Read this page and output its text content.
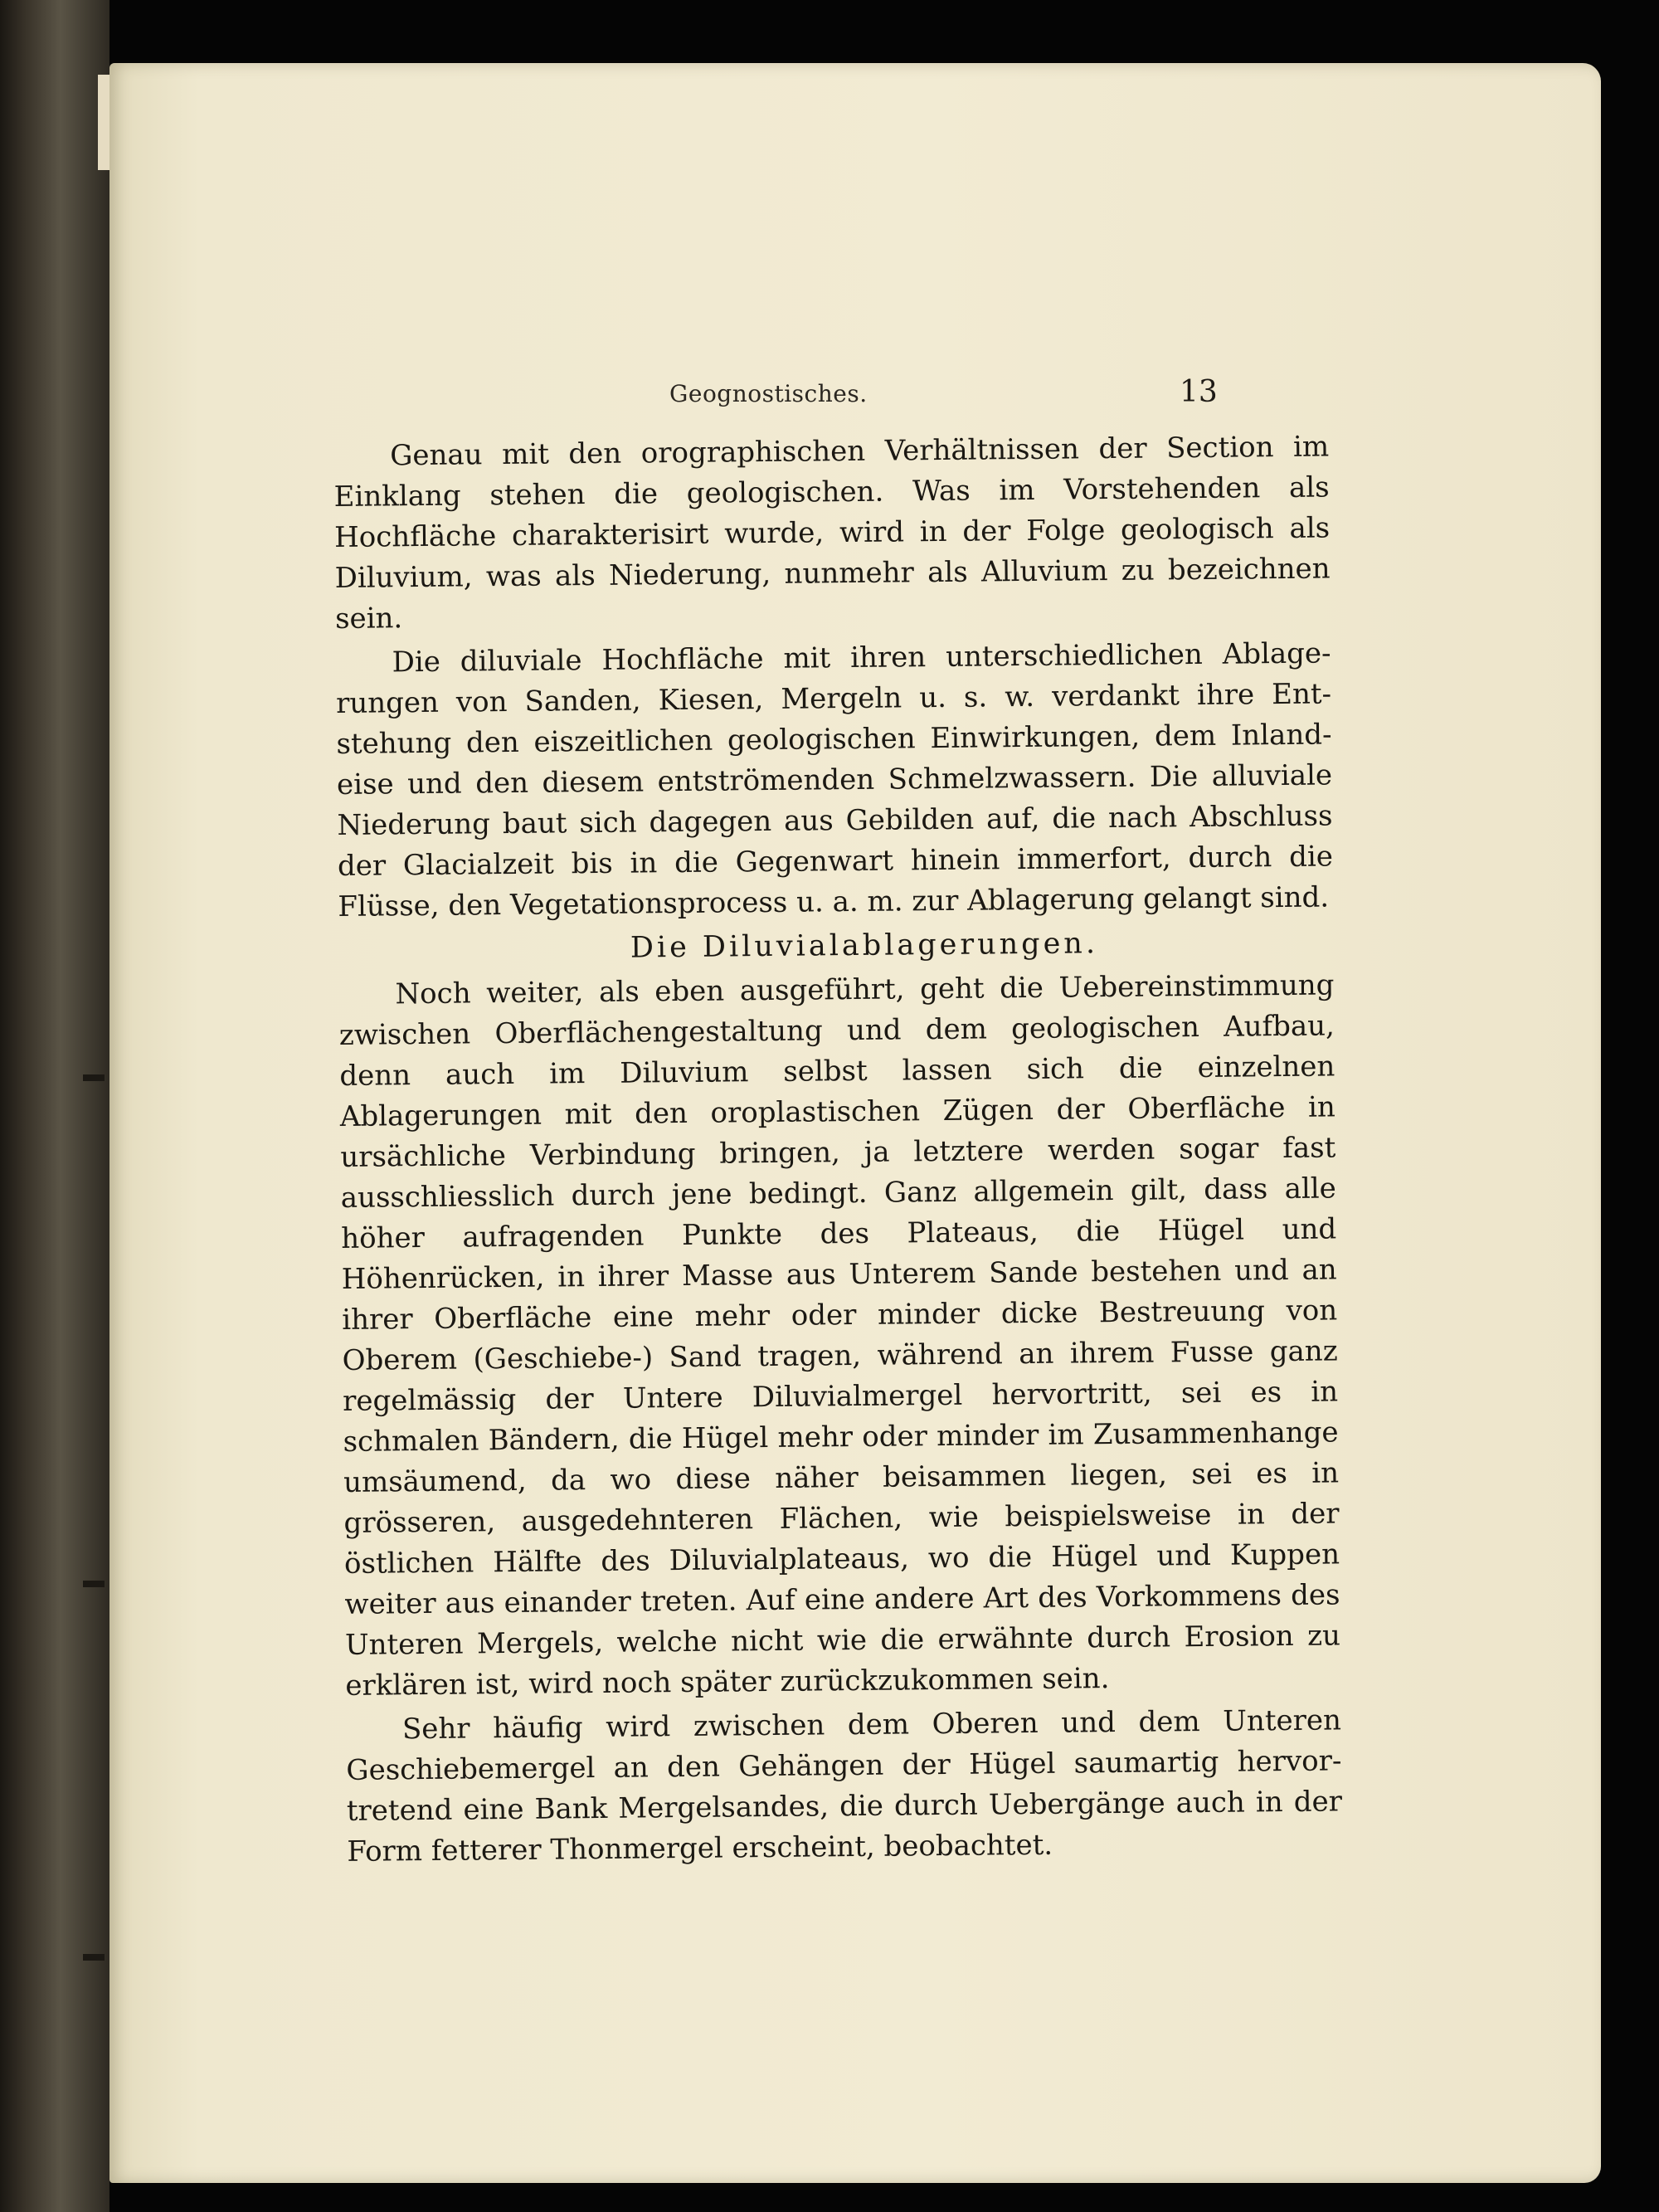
Geognostisches.	13

Genau mit den orographischen Verhältnissen der Section im Einklang stehen die geologischen. Was im Vorstehenden als Hochfläche charakterisirt wurde, wird in der Folge geologisch als Diluvium, was als Niederung, nunmehr als Alluvium zu bezeichnen sein.

Die diluviale Hochfläche mit ihren unterschiedlichen Ablagerungen von Sanden, Kiesen, Mergeln u. s. w. verdankt ihre Entstehung den eiszeitlichen geologischen Einwirkungen, dem Inlandeise und den diesem entströmenden Schmelzwassern. Die alluviale Niederung baut sich dagegen aus Gebilden auf, die nach Abschluss der Glacialzeit bis in die Gegenwart hinein immerfort, durch die Flüsse, den Vegetationsprocess u. a. m. zur Ablagerung gelangt sind.

Die Diluvialablagerungen.

Noch weiter, als eben ausgeführt, geht die Uebereinstimmung zwischen Oberflächengestaltung und dem geologischen Aufbau, denn auch im Diluvium selbst lassen sich die einzelnen Ablagerungen mit den oroplastischen Zügen der Oberfläche in ursächliche Verbindung bringen, ja letztere werden sogar fast ausschliesslich durch jene bedingt. Ganz allgemein gilt, dass alle höher aufragenden Punkte des Plateaus, die Hügel und Höhenrücken, in ihrer Masse aus Unterem Sande bestehen und an ihrer Oberfläche eine mehr oder minder dicke Bestreuung von Oberem (Geschiebe-) Sand tragen, während an ihrem Fusse ganz regelmässig der Untere Diluvialmergel hervortritt, sei es in schmalen Bändern, die Hügel mehr oder minder im Zusammenhange umsäumend, da wo diese näher beisammen liegen, sei es in grösseren, ausgedehnteren Flächen, wie beispielsweise in der östlichen Hälfte des Diluvialplateaus, wo die Hügel und Kuppen weiter aus einander treten. Auf eine andere Art des Vorkommens des Unteren Mergels, welche nicht wie die erwähnte durch Erosion zu erklären ist, wird noch später zurückzukommen sein.

Sehr häufig wird zwischen dem Oberen und dem Unteren Geschiebemergel an den Gehängen der Hügel saumartig hervortretend eine Bank Mergelsandes, die durch Uebergänge auch in der Form fetterer Thonmergel erscheint, beobachtet.
